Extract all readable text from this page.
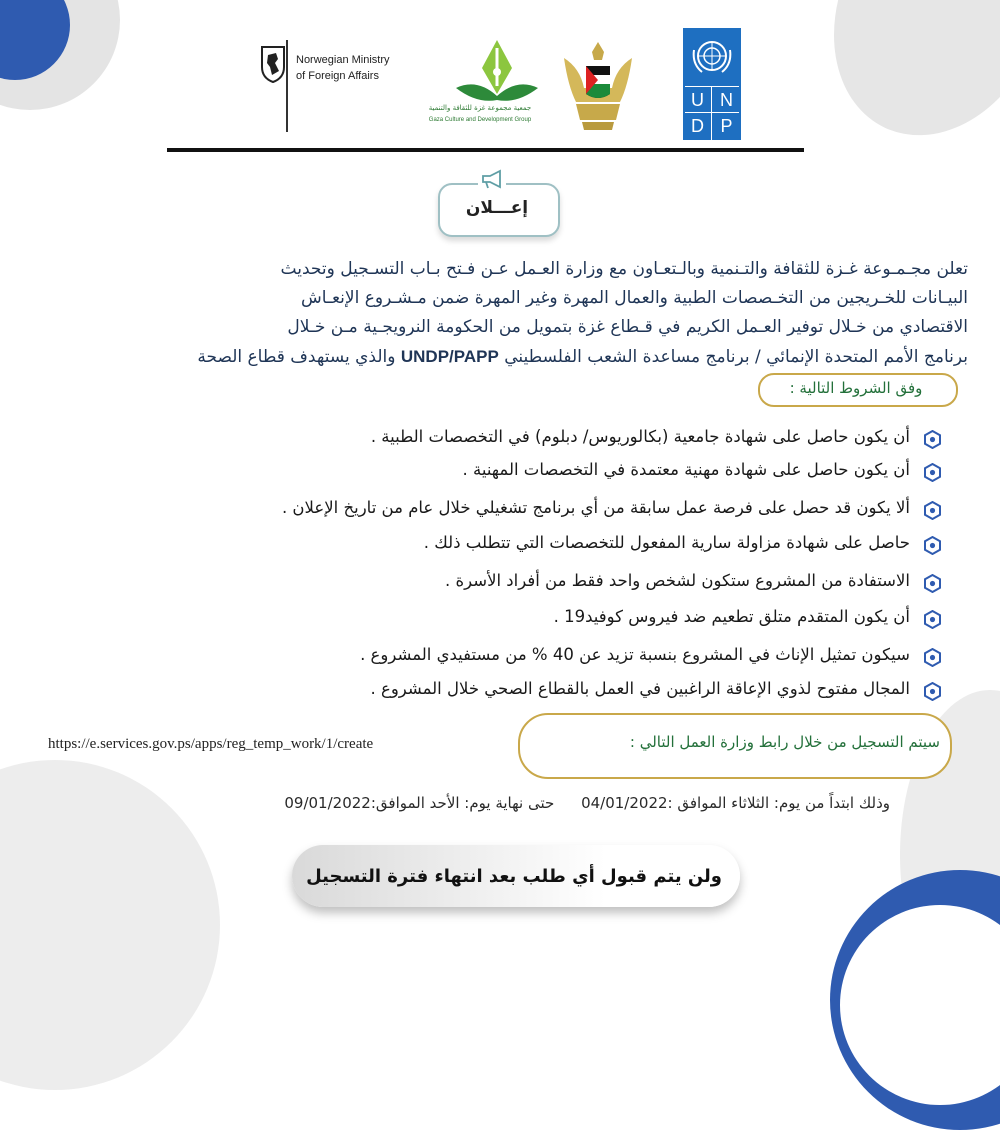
Norwegian Ministry
of Foreign Affairs
جمعية مجموعة غزة للثقافة والتنمية
Gaza Culture and Development Group
U N
D P
إعـــلان
تعلن مجـمـوعة غـزة للثقافة والتـنمية وبالـتعـاون مع وزارة العـمل عـن فـتح بـاب التسـجيل وتحديث
البيـانات للخـريجين من التخـصصات الطبية والعمال المهرة وغير المهرة ضمن مـشـروع الإنعـاش
الاقتصادي من خـلال توفير العـمل الكريم في قـطاع غزة بتمويل من الحكومة النرويجـية مـن خـلال
برنامج الأمم المتحدة الإنمائي / برنامج مساعدة الشعب الفلسطيني UNDP/PAPP والذي يستهدف قطاع الصحة
وفق الشروط التالية :
أن يكون حاصل على شهادة جامعية (بكالوريوس/ دبلوم) في التخصصات الطبية .
أن يكون حاصل على شهادة مهنية معتمدة في التخصصات المهنية .
ألا يكون قد حصل على فرصة عمل سابقة من أي برنامج تشغيلي خلال عام من تاريخ الإعلان .
حاصل على شهادة مزاولة سارية المفعول للتخصصات التي تتطلب ذلك .
الاستفادة من المشروع ستكون لشخص واحد فقط من أفراد الأسرة .
أن يكون المتقدم متلق تطعيم ضد فيروس كوفيد19 .
سيكون تمثيل الإناث في المشروع بنسبة تزيد عن 40 % من مستفيدي المشروع .
المجال مفتوح لذوي الإعاقة الراغبين في العمل بالقطاع الصحي خلال المشروع .
سيتم التسجيل من خلال رابط وزارة العمل التالي :
https://e.services.gov.ps/apps/reg_temp_work/1/create
وذلك ابتداً من يوم: الثلاثاء الموافق :04/01/2022 حتى نهاية يوم: الأحد الموافق:09/01/2022
ولن يتم قبول أي طلب بعد انتهاء فترة التسجيل
